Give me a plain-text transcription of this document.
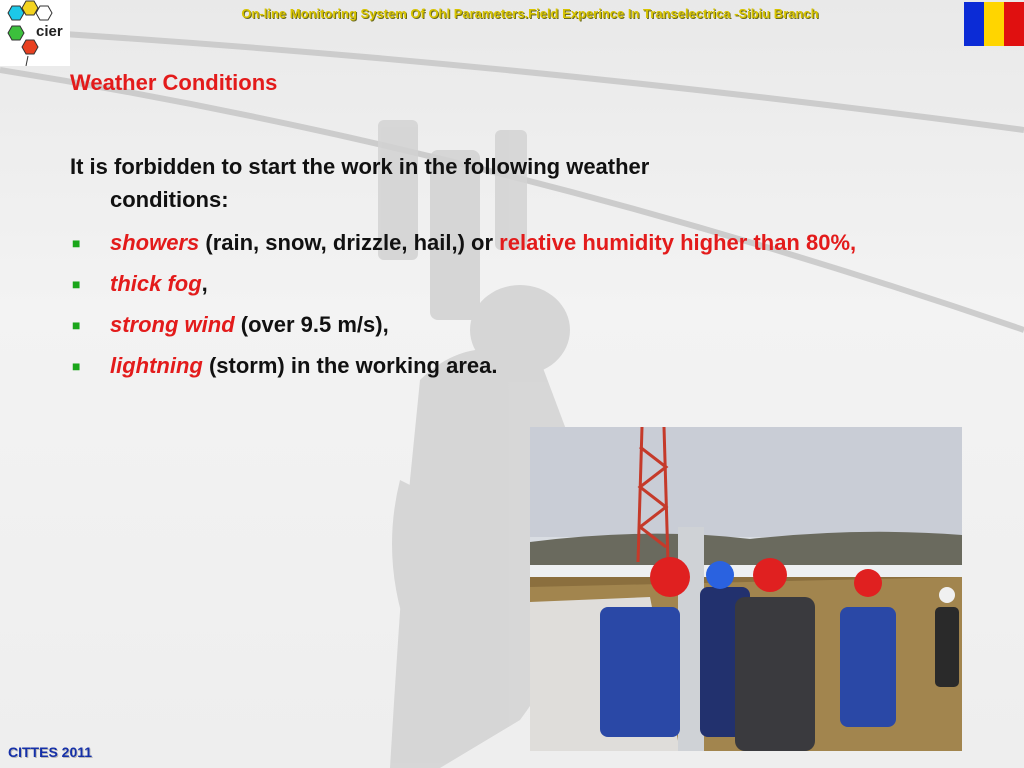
cier
On-line Monitoring System Of Ohl Parameters.Field Experince In Transelectrica -Sibiu Branch
Weather Conditions
It is forbidden to start the work in the following weather
conditions:
■ showers (rain, snow, drizzle, hail,) or relative humidity higher than 80%,
■ thick fog,
■ strong wind (over 9.5 m/s),
■ lightning (storm) in the working area.
CITTES 2011
